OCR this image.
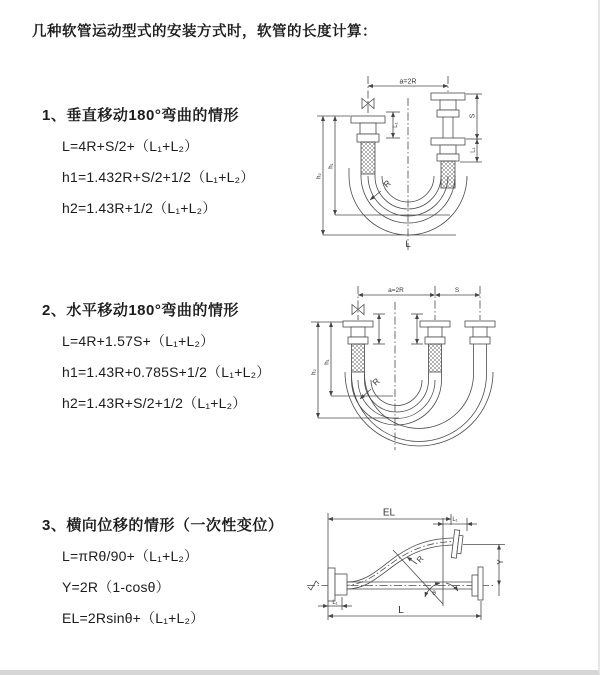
几种软管运动型式的安装方式时，软管的长度计算：
1、垂直移动180°弯曲的情形
L=4R+S/2+（L₁+L₂）
h1=1.432R+S/2+1/2（L₁+L₂）
h2=1.43R+1/2（L₁+L₂）
2、水平移动180°弯曲的情形
L=4R+1.57S+（L₁+L₂）
h1=1.43R+0.785S+1/2（L₁+L₂）
h2=1.43R+S/2+1/2（L₁+L₂）
3、横向位移的情形（一次性变位）
L=πRθ/90+（L₁+L₂）
Y=2R（1-cosθ）
EL=2Rsinθ+（L₁+L₂）
a=2R
L₁
S
L₁
h₂
h₁
R
L
a=2R	S
h₂
h₁
R
EL
L₁
Y
R
θ
L
L₁
